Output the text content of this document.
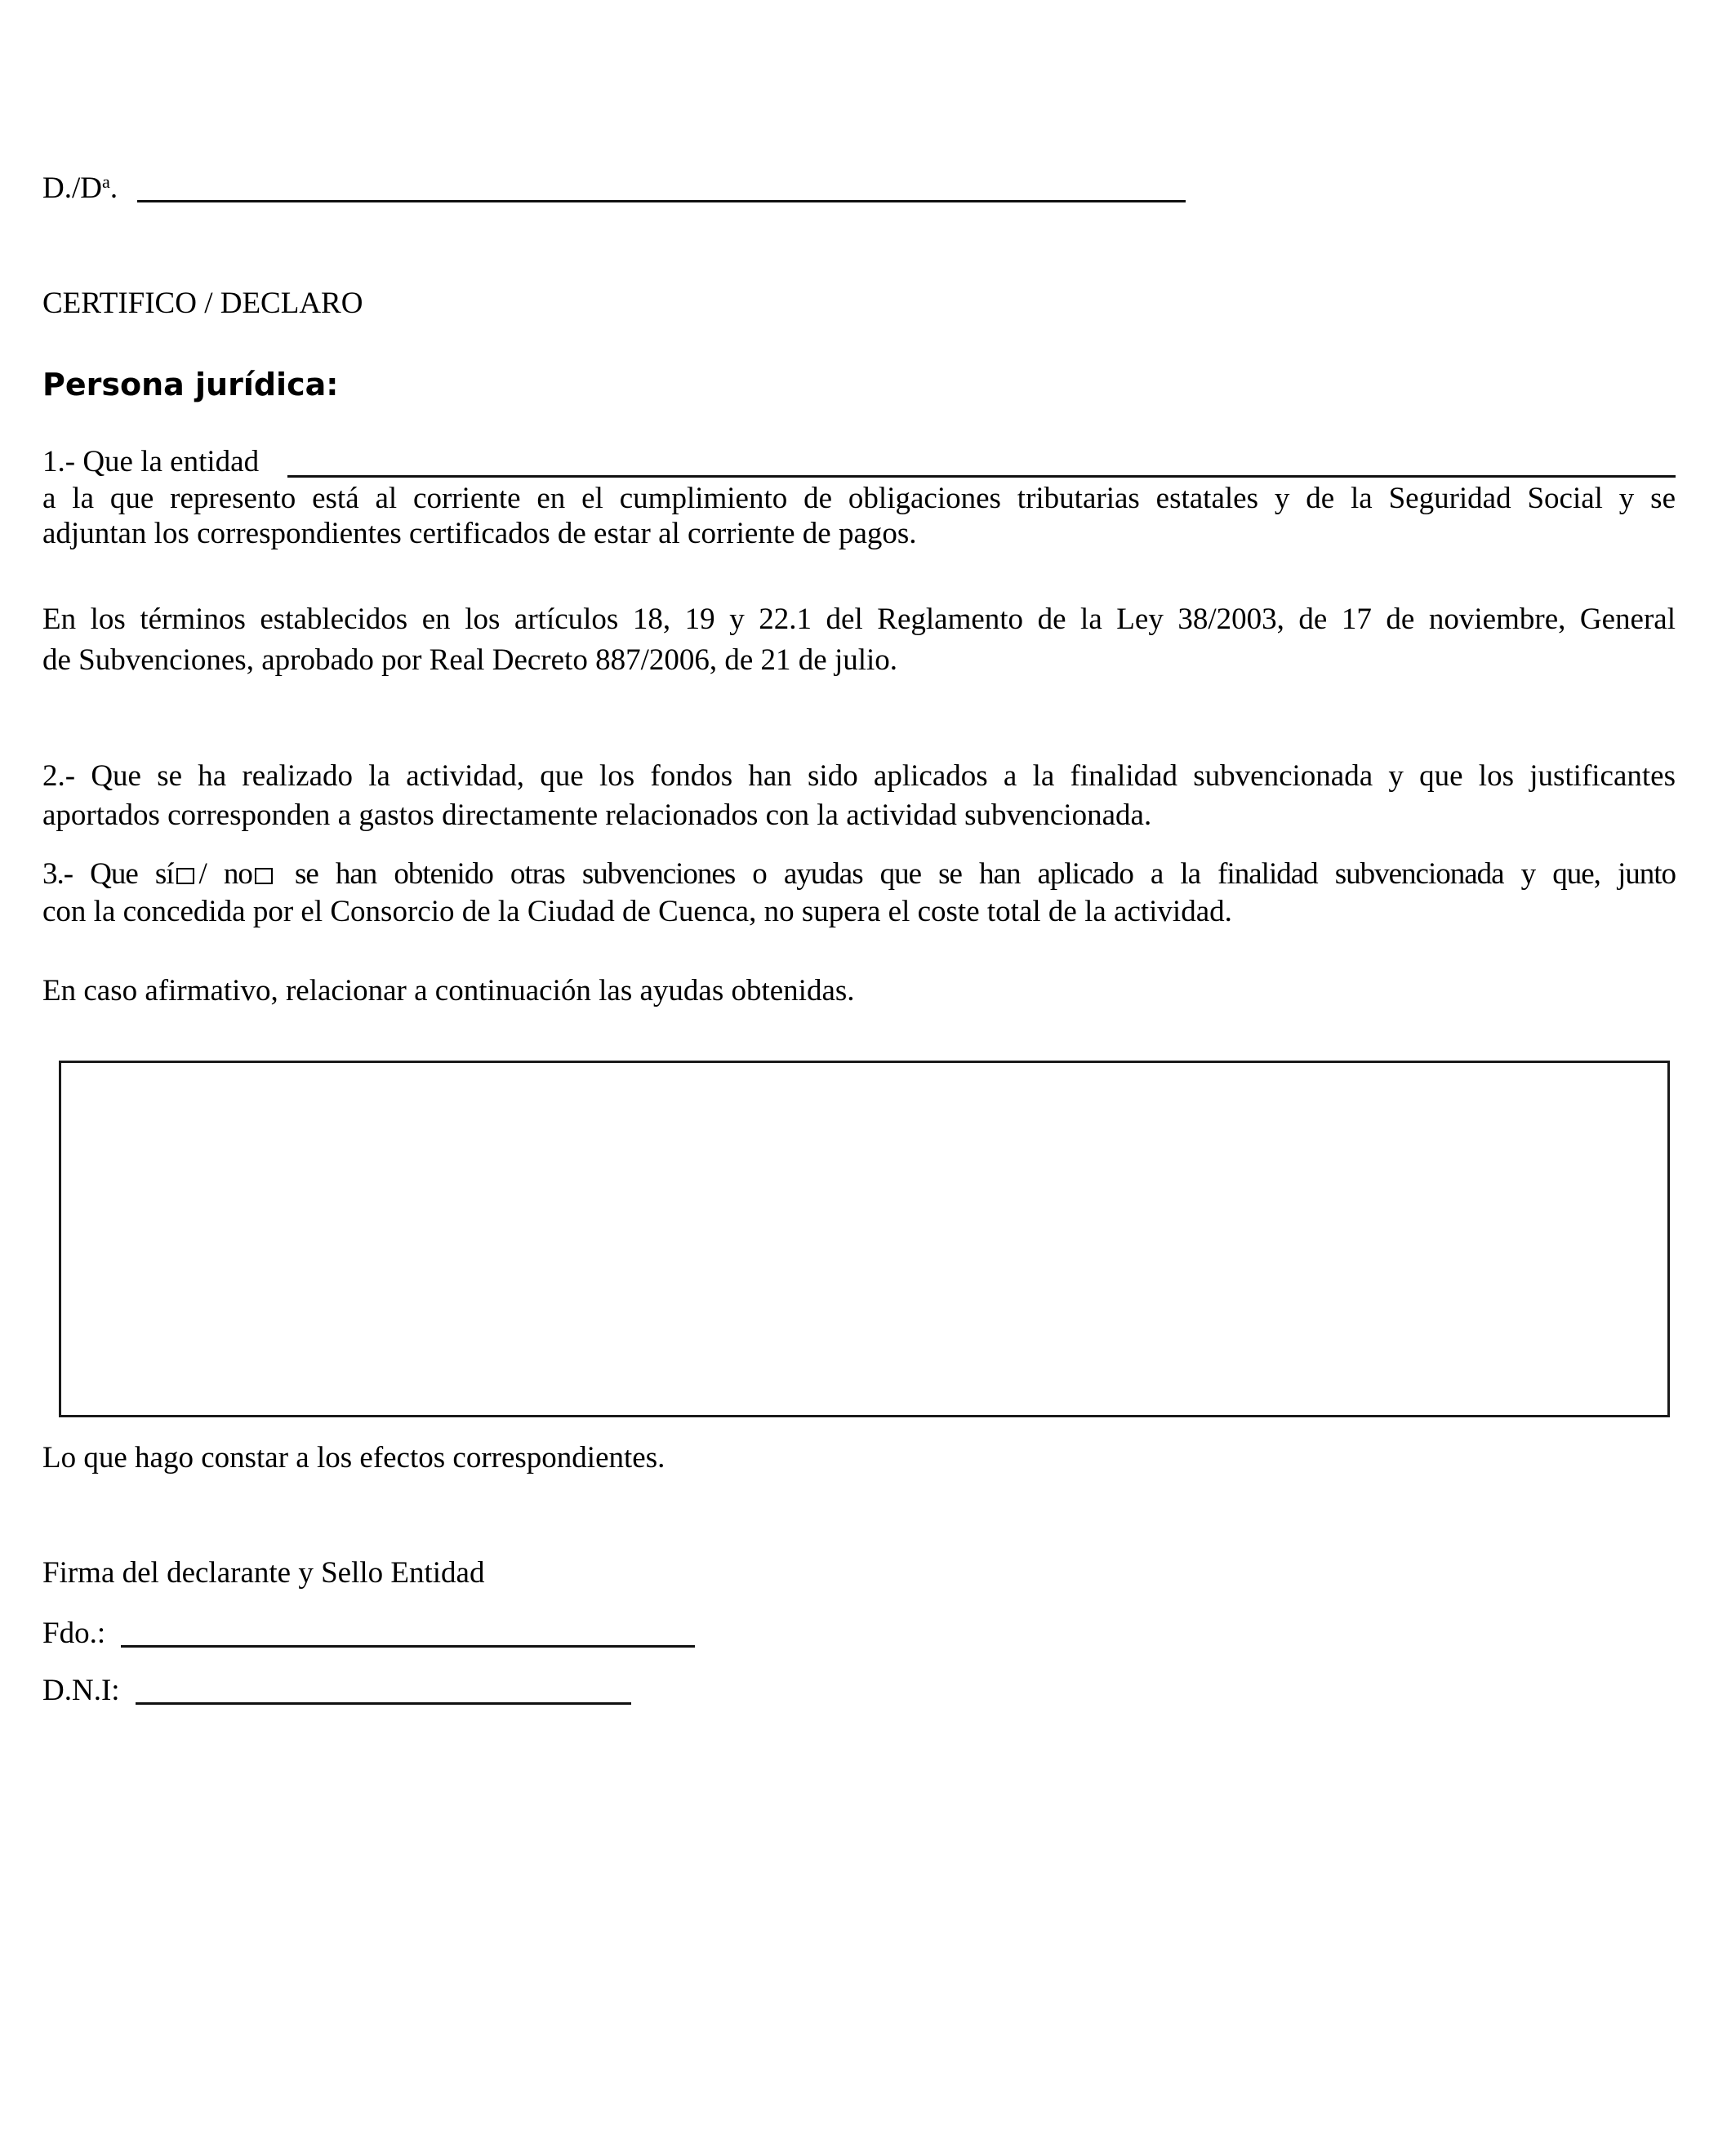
$D./D^a$.
CERTIFICO / DECLARO
Persona jurídica:
1.- Que la entidad
a la que represento está al corriente en el cumplimiento de obligaciones tributarias estatales y de la Seguridad Social y se
adjuntan los correspondientes certificados de estar al corriente de pagos.
En los términos establecidos en los artículos 18, 19 y 22.1 del Reglamento de la Ley 38/2003, de 17 de noviembre, General
de Subvenciones, aprobado por Real Decreto 887/2006, de 21 de julio.
2.- Que se ha realizado la actividad, que los fondos han sido aplicados a la finalidad subvencionada y que los justificantes
aportados corresponden a gastos directamente relacionados con la actividad subvencionada.
3.- Que sí / no se han obtenido otras subvenciones o ayudas que se han aplicado a la finalidad subvencionada y que, junto
con la concedida por el Consorcio de la Ciudad de Cuenca, no supera el coste total de la actividad.
En caso afirmativo, relacionar a continuación las ayudas obtenidas.
Lo que hago constar a los efectos correspondientes.
Firma del declarante y Sello Entidad
Fdo.:
D.N.I:
